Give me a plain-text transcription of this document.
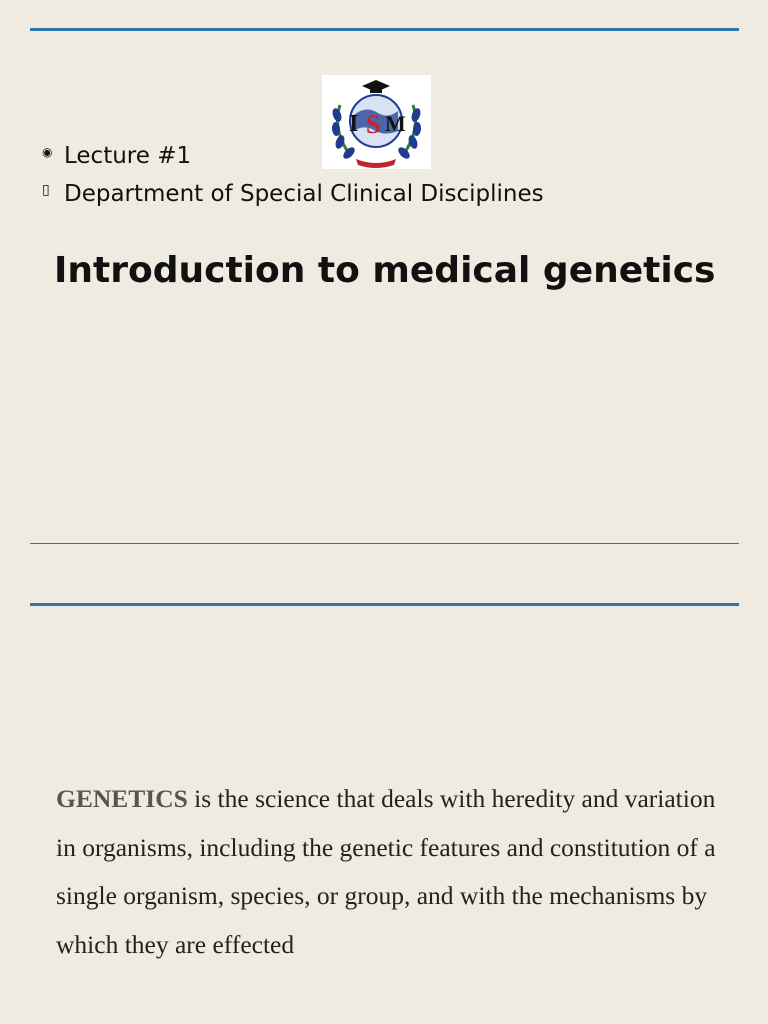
I S M
◉ Lecture #1
▯ Department of Special Clinical Disciplines
Introduction to medical genetics

GENETICS is the science that deals with heredity and variation in organisms, including the genetic features and constitution of a single organism, species, or group, and with the mechanisms by which they are effected
